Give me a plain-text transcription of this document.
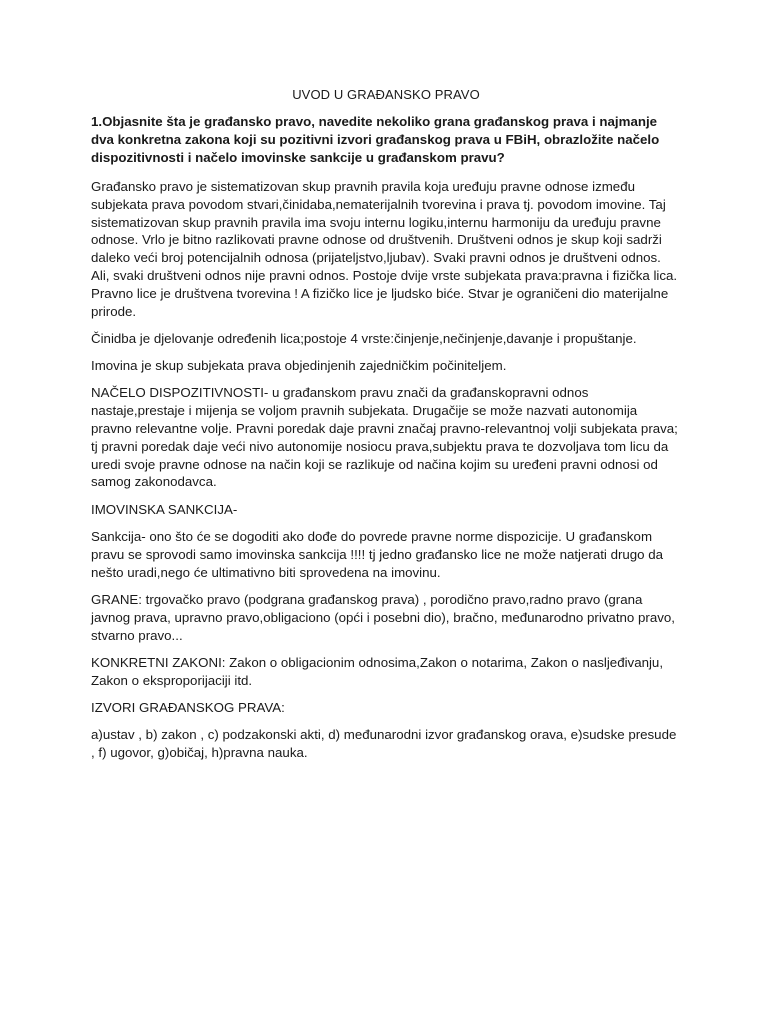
UVOD U GRAĐANSKO PRAVO
1.Objasnite šta je građansko pravo, navedite nekoliko grana građanskog prava i najmanje dva konkretna zakona koji su pozitivni izvori građanskog prava u FBiH, obrazložite načelo dispozitivnosti i načelo imovinske sankcije u građanskom pravu?

Građansko pravo je sistematizovan skup pravnih pravila koja uređuju pravne odnose između subjekata prava povodom stvari,činidaba,nematerijalnih tvorevina i prava tj. povodom imovine. Taj sistematizovan skup pravnih pravila ima svoju internu logiku,internu harmoniju da uređuju pravne odnose. Vrlo je bitno razlikovati pravne odnose od društvenih. Društveni odnos je skup koji sadrži daleko veći broj potencijalnih odnosa (prijateljstvo,ljubav). Svaki pravni odnos je društveni odnos. Ali, svaki društveni odnos nije pravni odnos. Postoje dvije vrste subjekata prava:pravna i fizička lica. Pravno lice je društvena tvorevina ! A fizičko lice je ljudsko biće. Stvar je ograničeni dio materijalne prirode.

Činidba je djelovanje određenih lica;postoje 4 vrste:činjenje,nečinjenje,davanje i propuštanje.

Imovina je skup subjekata prava objedinjenih zajedničkim počiniteljem.

NAČELO DISPOZITIVNOSTI- u građanskom pravu znači da građanskopravni odnos nastaje,prestaje i mijenja se voljom pravnih subjekata. Drugačije se može nazvati autonomija pravno relevantne volje. Pravni poredak daje pravni značaj pravno-relevantnoj volji subjekata prava; tj pravni poredak daje veći nivo autonomije nosiocu prava,subjektu prava te dozvoljava tom licu da uredi svoje pravne odnose na način koji se razlikuje od načina kojim su uređeni pravni odnosi od samog zakonodavca.

IMOVINSKA SANKCIJA-

Sankcija- ono što će se dogoditi ako dođe do povrede pravne norme dispozicije. U građanskom pravu se sprovodi samo imovinska sankcija !!!! tj jedno građansko lice ne može natjerati drugo da nešto uradi,nego će ultimativno biti sprovedena na imovinu.

GRANE: trgovačko pravo (podgrana građanskog prava) , porodično pravo,radno pravo (grana javnog prava, upravno pravo,obligaciono (opći i posebni dio), bračno, međunarodno privatno pravo, stvarno pravo...

KONKRETNI ZAKONI: Zakon o obligacionim odnosima,Zakon o notarima, Zakon o nasljeđivanju, Zakon o eksproporijaciji itd.

IZVORI GRAĐANSKOG PRAVA:

a)ustav , b) zakon , c) podzakonski akti, d) međunarodni izvor građanskog orava, e)sudske presude , f) ugovor, g)običaj, h)pravna nauka.
